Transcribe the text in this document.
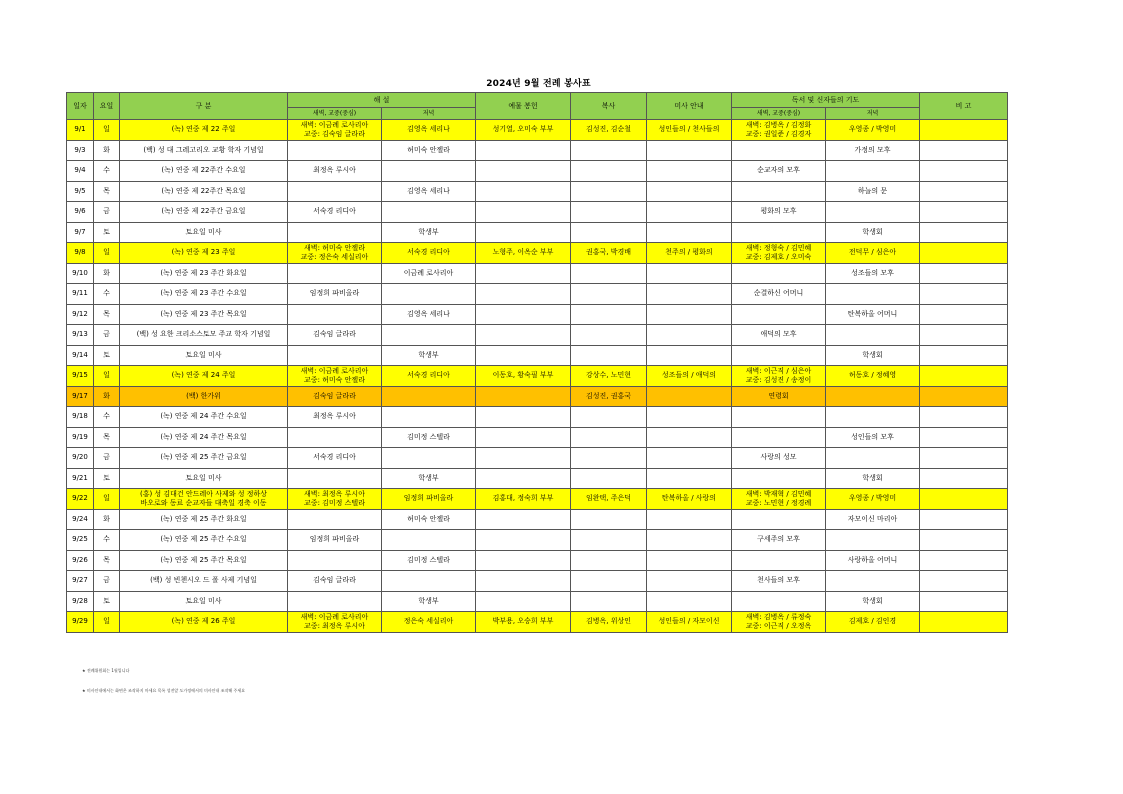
2024년 9월 전례 봉사표
일자	요일	구 분	해 설		예물 봉헌	복사	미사 안내	독서 및 신자들의 기도		비 고
			새벽, 교중(중심)	저녁				새벽, 교중(중심)	저녁	
9/1	일	(녹) 연중 제 22 주일	새벽: 이금례 로사리아
교중: 김숙임 글라라	김영옥 세리나	성기열, 오미숙 부부	김성진, 김순철	성인들의 / 천사들의	새벽: 김병옥 / 김정화
교중: 권일준 / 김경자	우영종 / 박영미	
9/3	화	(백) 성 대 그레고리오 교황 학자 기념일		허미숙 안젤라					가정의 모후	
9/4	수	(녹) 연중 제 22주간 수요일	최정옥 루시아					순교자의 모후		
9/5	목	(녹) 연중 제 22주간 목요일		김영옥 세리나					하늘의 문	
9/6	금	(녹) 연중 제 22주간 금요일	서숙경 리디아					평화의 모후		
9/7	토	토요일 미사		학생부					학생회	
9/8	일	(녹) 연중 제 23 주일	새벽: 허미숙 안젤라
교중: 정은숙 세실리아	서숙경 리디아	노형주, 이옥순 부부	권홍국, 박경배	천주의 / 평화의	새벽: 정형숙 / 김민혜
교중: 김제호 / 오미숙	전덕무 / 심은아	
9/10	화	(녹) 연중 제 23 주간 화요일		이금례 로사리아					성조들의 모후	
9/11	수	(녹) 연중 제 23 주간 수요일	임정희 파비올라					순결하신 어머니		
9/12	목	(녹) 연중 제 23 주간 목요일		김영옥 세리나					탄복하올 어머니	
9/13	금	(백) 성 요한 크리소스토모 주교 학자 기념일	김숙임 글라라					애덕의 모후		
9/14	토	토요일 미사		학생부					학생회	
9/15	일	(녹) 연중 제 24 주일	새벽: 이금례 로사리아
교중: 허미숙 안젤라	서숙경 리디아	이동호, 황숙필 부부	강상수, 노민현	성조들의 / 애덕의	새벽: 이근직 / 심은아
교중: 김성진 / 송정이	허동호 / 정혜영	
9/17	화	(백) 한가위	김숙임 글라라			김성진, 권홍국		연령회		
9/18	수	(녹) 연중 제 24 주간 수요일	최정옥 루시아							
9/19	목	(녹) 연중 제 24 주간 목요일		김미정 스텔라					성인들의 모후	
9/20	금	(녹) 연중 제 25 주간 금요일	서숙경 리디아					사랑의 성모		
9/21	토	토요일 미사		학생부					학생회	
9/22	일	(홍) 성 김대건 안드레아 사제와 성 정하상
바오로와 동료 순교자들 대축일 경축 이동	새벽: 최정옥 루시아
교중: 김미정 스텔라	임정희 파비올라	김홍대, 정숙희 부부	임완택, 주은덕	탄복하올 / 사랑의	새벽: 박재혁 / 김민혜
교중: 노민현 / 정경례	우영종 / 박영미	
9/24	화	(녹) 연중 제 25 주간 화요일		허미숙 안젤라					자모이신 마리아	
9/25	수	(녹) 연중 제 25 주간 수요일	임정희 파비올라					구세주의 모후		
9/26	목	(녹) 연중 제 25 주간 목요일		김미정 스텔라					사랑하올 어머니	
9/27	금	(백) 성 빈첸시오 드 폴 사제 기념일	김숙임 글라라					천사들의 모후		
9/28	토	토요일 미사		학생부					학생회	
9/29	일	(녹) 연중 제 26 주일	새벽: 이금례 로사리아
교중: 최정옥 루시아	정은숙 세실리아	박부용, 오승희 부부	김병옥, 위상인	성인들의 / 자모이신	새벽: 김병옥 / 류정숙
교중: 이근직 / 오정옥	김제호 / 김인경	
★ 전례위원회는 1월입니다
★ 미사안내에서는 화면은 조작하지 마세요 목록 성전앞 도가정에서의 미사안내 조작해 주세요
